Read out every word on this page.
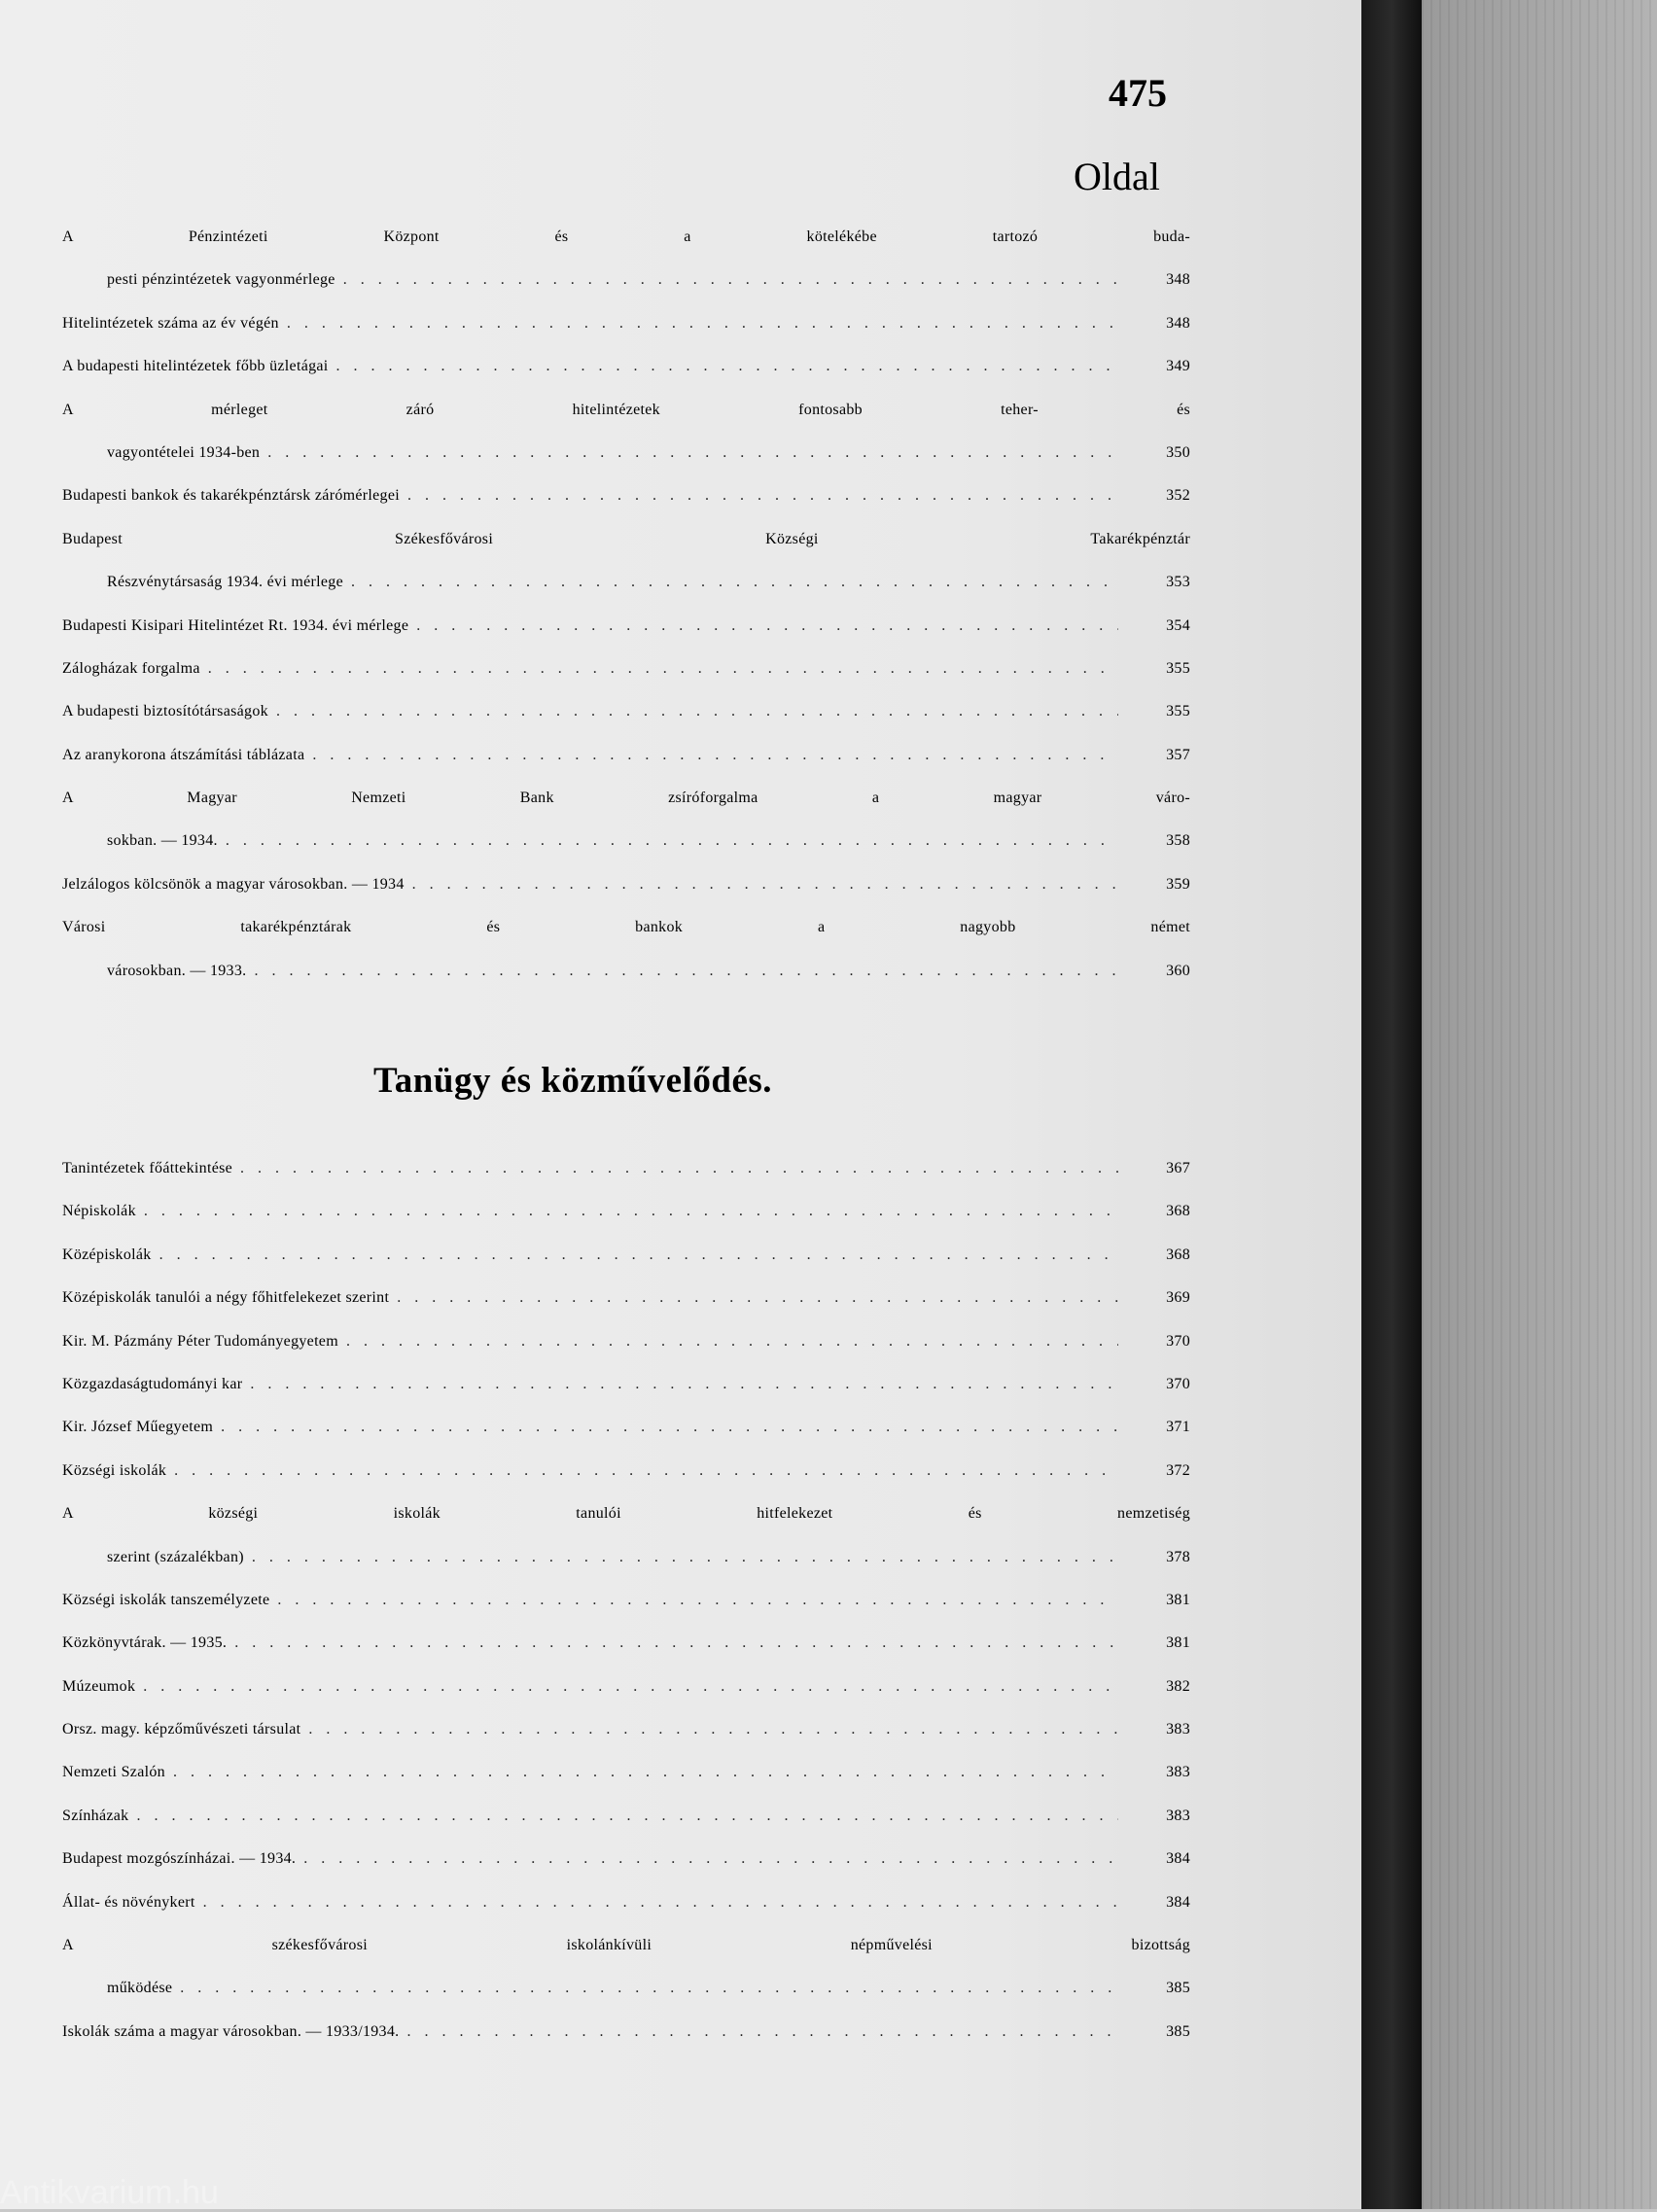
475
Oldal
A Pénzintézeti Központ és a kötelékébe tartozó buda-
pesti pénzintézetek vagyonmérlege . . .	348
Hitelintézetek száma az év végén . . .	348
A budapesti hitelintézetek főbb üzletágai . . .	349
A mérleget záró hitelintézetek fontosabb teher- és
vagyontételei 1934-ben . . .	350
Budapesti bankok és takarékpénztársk zárómérlegei . . .	352
Budapest Székesfővárosi Községi Takarékpénztár
Részvénytársaság 1934. évi mérlege . . .	353
Budapesti Kisipari Hitelintézet Rt. 1934. évi mérlege . . .	354
Zálogházak forgalma . . .	355
A budapesti biztosítótársaságok . . .	355
Az aranykorona átszámítási táblázata . . .	357
A Magyar Nemzeti Bank zsíróforgalma a magyar váro-
sokban. — 1934. . . .	358
Jelzálogos kölcsönök a magyar városokban. — 1934 . . .	359
Városi takarékpénztárak és bankok a nagyobb német
városokban. — 1933. . . .	360
Tanügy és közművelődés.
Tanintézetek főáttekintése . . .	367
Népiskolák . . .	368
Középiskolák . . .	368
Középiskolák tanulói a négy főhitfelekezet szerint . . .	369
Kir. M. Pázmány Péter Tudományegyetem . . .	370
Közgazdaságtudományi kar . . .	370
Kir. József Műegyetem . . .	371
Községi iskolák . . .	372
A községi iskolák tanulói hitfelekezet és nemzetiség
szerint (százalékban) . . .	378
Községi iskolák tanszemélyzete . . .	381
Közkönyvtárak. — 1935. . . .	381
Múzeumok . . .	382
Orsz. magy. képzőművészeti társulat . . .	383
Nemzeti Szalón . . .	383
Színházak . . .	383
Budapest mozgószínházai. — 1934. . . .	384
Állat- és növénykert . . .	384
A székesfővárosi iskolánkívüli népművelési bizottság
működése . . .	385
Iskolák száma a magyar városokban. — 1933/1934. . . .	385
Antikvarium.hu
